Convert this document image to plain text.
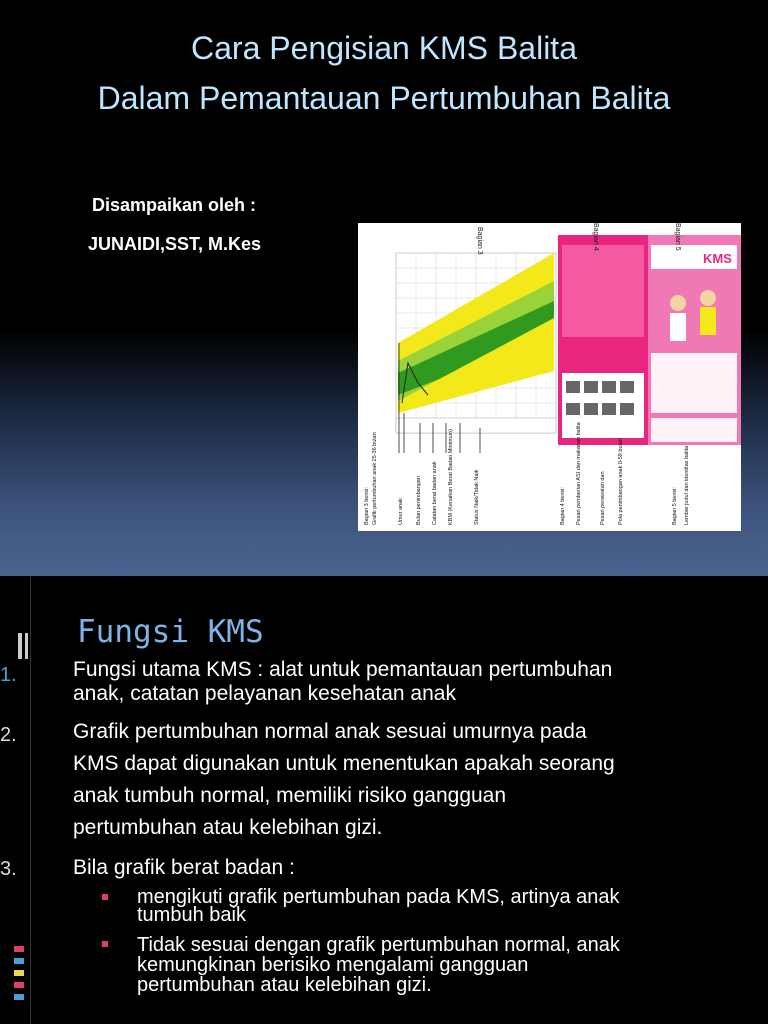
Cara Pengisian KMS Balita
Dalam Pemantauan Pertumbuhan Balita
Disampaikan oleh :
JUNAIDI,SST, M.Kes	Bagian 3	Bagian 4
KMS
Bagian 5
Bagian 3 berisi: Grafik pertumbuhan anak 25-36 bulan	Umur anak Bulan penimbangan Catatan berat badan anak KBM (Kenaikan Berat Badan Minimum)	Status Naik/Tidak Naik	Bagian 4 berisi: Pesan pemberian ASI dan makanan balita	Pesan perawatan dan Pola penimbangan anak 0-59 bulan	Bagian 5 berisi: Lembar judul dan identitas balita
Fungsi KMS
1.	Fungsi utama KMS : alat untuk pemantauan pertumbuhan
anak, catatan pelayanan kesehatan anak
2.	Grafik pertumbuhan normal anak sesuai umurnya pada
KMS dapat digunakan untuk menentukan apakah seorang
anak tumbuh normal, memiliki risiko gangguan
pertumbuhan atau kelebihan gizi.
3.	Bila grafik berat badan :
mengikuti grafik pertumbuhan pada KMS, artinya anak
tumbuh baik
Tidak sesuai dengan grafik pertumbuhan normal, anak
kemungkinan berisiko mengalami gangguan
pertumbuhan atau kelebihan gizi.
